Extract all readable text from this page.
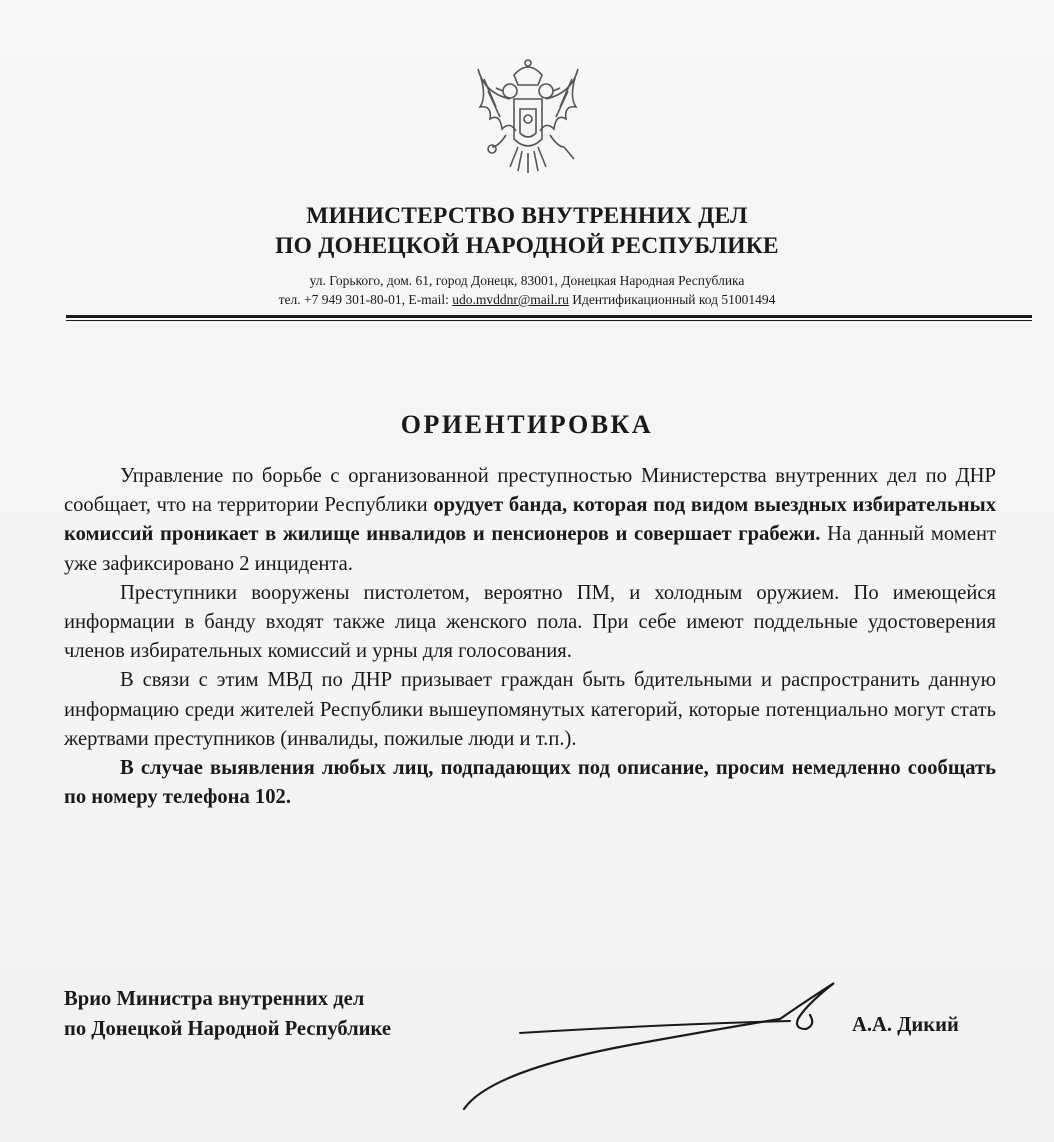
МИНИСТЕРСТВО ВНУТРЕННИХ ДЕЛ
ПО ДОНЕЦКОЙ НАРОДНОЙ РЕСПУБЛИКЕ
ул. Горького, дом. 61, город Донецк, 83001, Донецкая Народная Республика
тел. +7 949 301-80-01, E-mail: udo.mvddnr@mail.ru Идентификационный код 51001494
ОРИЕНТИРОВКА

Управление по борьбе с организованной преступностью Министерства внутренних дел по ДНР сообщает, что на территории Республики орудует банда, которая под видом выездных избирательных комиссий проникает в жилище инвалидов и пенсионеров и совершает грабежи. На данный момент уже зафиксировано 2 инцидента.

Преступники вооружены пистолетом, вероятно ПМ, и холодным оружием. По имеющейся информации в банду входят также лица женского пола. При себе имеют поддельные удостоверения членов избирательных комиссий и урны для голосования.

В связи с этим МВД по ДНР призывает граждан быть бдительными и распространить данную информацию среди жителей Республики вышеупомянутых категорий, которые потенциально могут стать жертвами преступников (инвалиды, пожилые люди и т.п.).

В случае выявления любых лиц, подпадающих под описание, просим немедленно сообщать по номеру телефона 102.

Врио Министра внутренних дел
по Донецкой Народной Республике	А.А. Дикий
